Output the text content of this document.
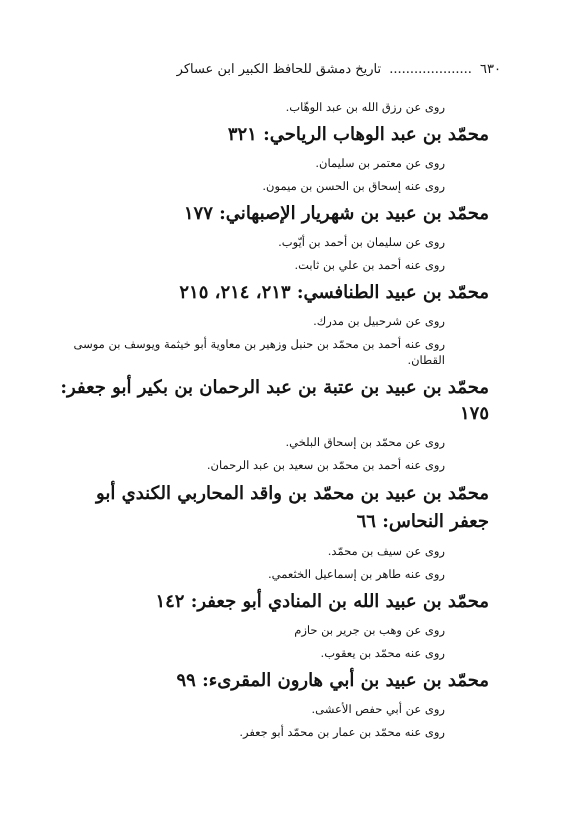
٦٣٠ .................... تاريخ دمشق للحافظ الكبير ابن عساكر

روى عن رزق الله بن عبد الوهّاب.

محمّد بن عبد الوهاب الرياحي: ٣٢١

روى عن معتمر بن سليمان.

روى عنه إسحاق بن الحسن بن ميمون.

محمّد بن عبيد بن شهريار الإصبهاني: ١٧٧

روى عن سليمان بن أحمد بن أيّوب.

روى عنه أحمد بن علي بن ثابت.

محمّد بن عبيد الطنافسي: ٢١٣، ٢١٤، ٢١٥

روى عن شرحبيل بن مدرك.

روى عنه أحمد بن محمّد بن حنبل وزهير بن معاوية أبو خيثمة ويوسف بن موسى القطان.

محمّد بن عبيد بن عتبة بن عبد الرحمان بن بكير أبو جعفر: ١٧٥

روى عن محمّد بن إسحاق البلخي.

روى عنه أحمد بن محمّد بن سعيد بن عبد الرحمان.

محمّد بن عبيد بن محمّد بن واقد المحاربي الكندي أبو جعفر النحاس: ٦٦

روى عن سيف بن محمّد.

روى عنه طاهر بن إسماعيل الخثعمي.

محمّد بن عبيد الله بن المنادي أبو جعفر: ١٤٢

روى عن وهب بن جرير بن حازم

روى عنه محمّد بن يعقوب.

محمّد بن عبيد بن أبي هارون المقرىء: ٩٩

روى عن أبي حفص الأعشى.

روى عنه محمّد بن عمار بن محمّد أبو جعفر.
